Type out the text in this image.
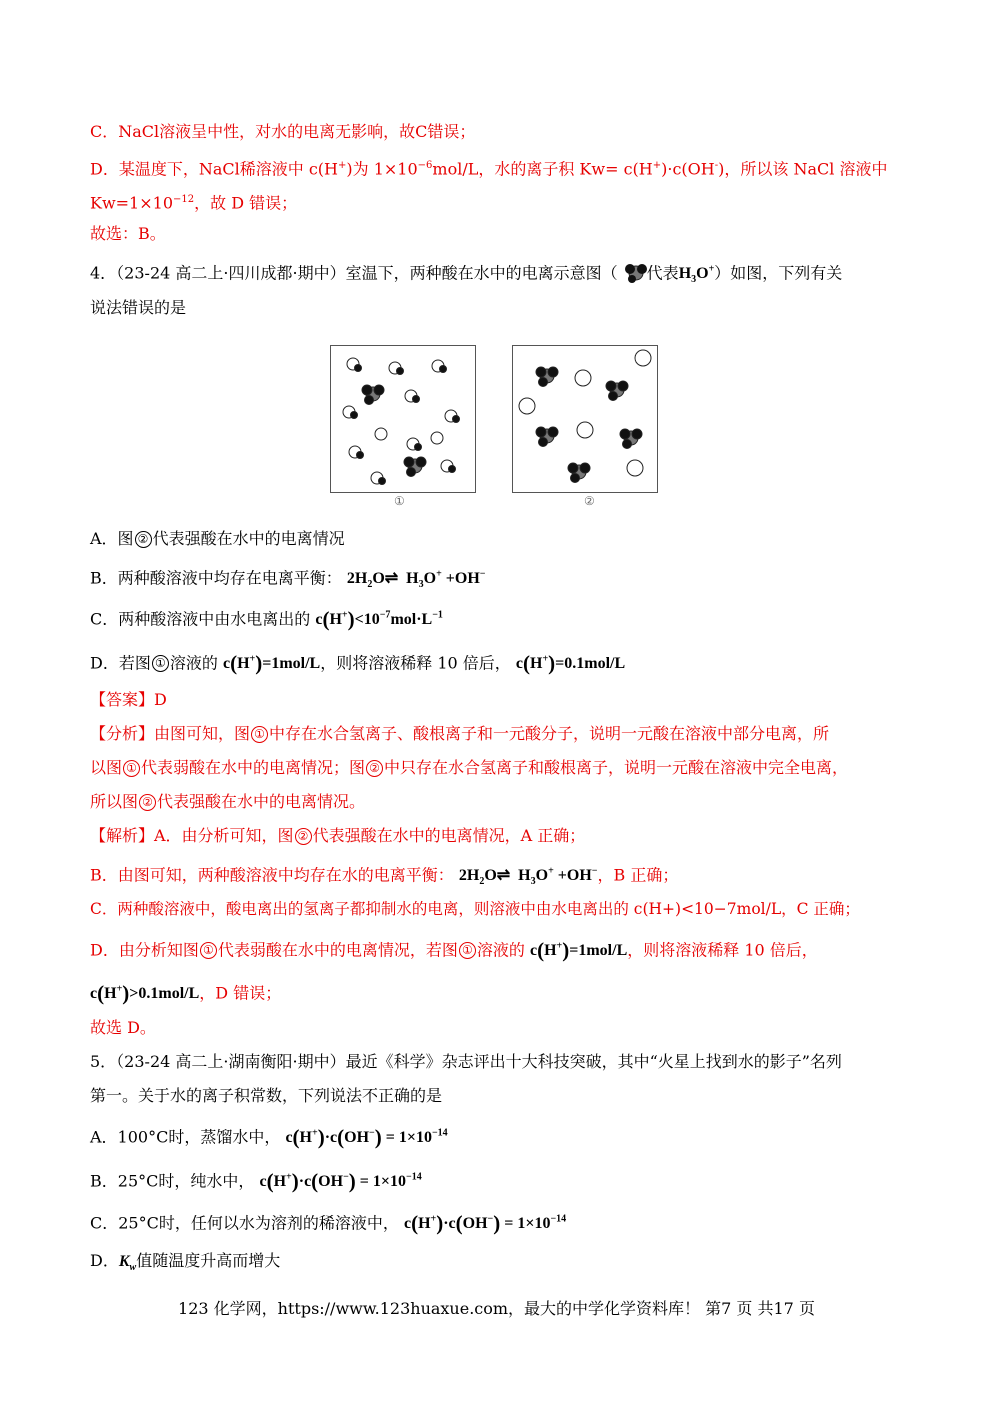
C．NaCl溶液呈中性，对水的电离无影响，故C错误；
D．某温度下，NaCl稀溶液中 c(H+)为 $1\times 10^{-6}mol/L$，水的离子积 Kw= c(H+)·c(OH-)，所以该 NaCl 溶液中
$Kw=1\times 10^{-12}$，故 D 错误；
故选：B。
4．（23-24 高二上·四川成都·期中）室温下，两种酸在水中的电离示意图（ 代表$H_3O^+$）如图，下列有关
说法错误的是
①	②
A．图 ② 代表强酸在水中的电离情况
B．两种酸溶液中均存在电离平衡： $2H_2O\rightleftharpoons$  $H_3O^+ +OH^-$
C．两种酸溶液中由水电离出的 $c(H^+)<10^{-7}mol\cdot L^{-1}$
D．若图 ① 溶液的 c(H+)=1mol/L，则将溶液稀释 10 倍后， c(H+)=0.1mol/L
【答案】D
【分析】由图可知，图 ① 中存在水合氢离子、酸根离子和一元酸分子，说明一元酸在溶液中部分电离，所
以图 ① 代表弱酸在水中的电离情况；图 ② 中只存在水合氢离子和酸根离子，说明一元酸在溶液中完全电离，
所以图 ② 代表强酸在水中的电离情况。
【解析】A．由分析可知，图 ② 代表强酸在水中的电离情况，A 正确；
B．由图可知，两种酸溶液中均存在水的电离平衡： $2H_2O\rightleftharpoons$  $H_3O^+ +OH^-$，B 正确；
C．两种酸溶液中，酸电离出的氢离子都抑制水的电离，则溶液中由水电离出的 c(H+)<10−7mol/L，C 正确；
D．由分析知图 ① 代表弱酸在水中的电离情况，若图 ① 溶液的 c(H+)=1mol/L，则将溶液稀释 10 倍后，
c(H+)>0.1mol/L，D 错误；
故选 D。
5．（23-24 高二上·湖南衡阳·期中）最近《科学》杂志评出十大科技突破，其中“火星上找到水的影子”名列
第一。关于水的离子积常数，下列说法不正确的是
A．100°C时，蒸馏水中， $c(H^+)\cdot c(OH^-) = 1\times 10^{-14}$
B．25°C时，纯水中， $c(H^+)\cdot c(OH^-) = 1\times 10^{-14}$
C．25°C时，任何以水为溶剂的稀溶液中， $c(H^+)\cdot c(OH^-) = 1\times 10^{-14}$
D．$K_w$值随温度升高而增大
123 化学网，https://www.123huaxue.com，最大的中学化学资料库！ 第7 页 共17 页
